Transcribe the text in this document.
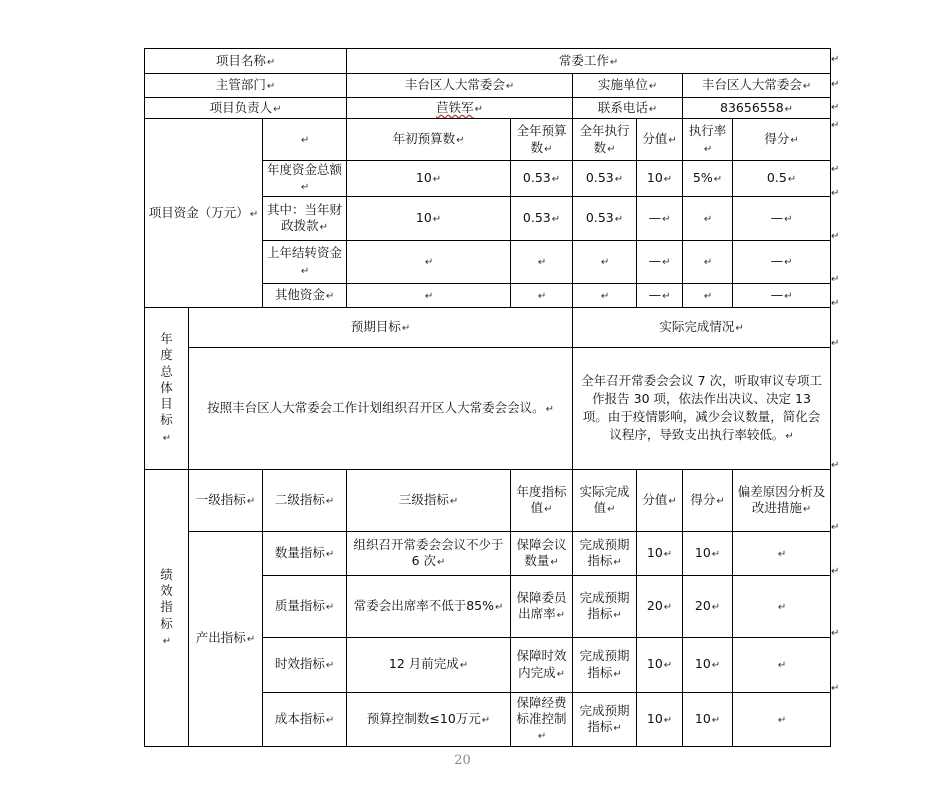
项目名称↵			常委工作↵					
主管部门↵			丰台区人大常委会↵		实施单位↵		丰台区人大常委会↵	
项目负责人↵			苣铁军↵		联系电话↵		83656558↵	
项目资金（万元）↵		↵	年初预算数↵	全年预算数↵	全年执行数↵	分值↵	执行率↵	得分↵
		年度资金总额↵	10↵	0.53↵	0.53↵	10↵	5%↵	0.5↵
		其中：当年财政拨款↵	10↵	0.53↵	0.53↵	—↵	↵	—↵
		上年结转资金↵	↵	↵	↵	—↵	↵	—↵
		其他资金↵	↵	↵	↵	—↵	↵	—↵

年度总体目标
↵	预期目标↵				实际完成情况↵			
	按照丰台区人大常委会工作计划组织召开区人大常委会会议。↵				全年召开常委会会议 7 次，听取审议专项工作报告 30 项，依法作出决议、决定 13 项。由于疫情影响，减少会议数量，简化会议程序，导致支出执行率较低。↵			

绩效指标
↵	一级指标↵	二级指标↵	三级指标↵	年度指标值↵	实际完成值↵	分值↵	得分↵	偏差原因分析及改进措施↵
	产出指标↵	数量指标↵	组织召开常委会会议不少于 6 次↵	保障会议数量↵	完成预期指标↵	10↵	10↵	↵
		质量指标↵	常委会出席率不低于85%↵	保障委员出席率↵	完成预期指标↵	20↵	20↵	↵
		时效指标↵	12 月前完成↵	保障时效内完成↵	完成预期指标↵	10↵	10↵	↵
		成本指标↵	预算控制数≤10万元↵	保障经费标准控制↵	完成预期指标↵	10↵	10↵	↵
↵
↵
↵
↵
↵
↵
↵
↵
↵
↵
↵
↵
↵
↵
↵
20
